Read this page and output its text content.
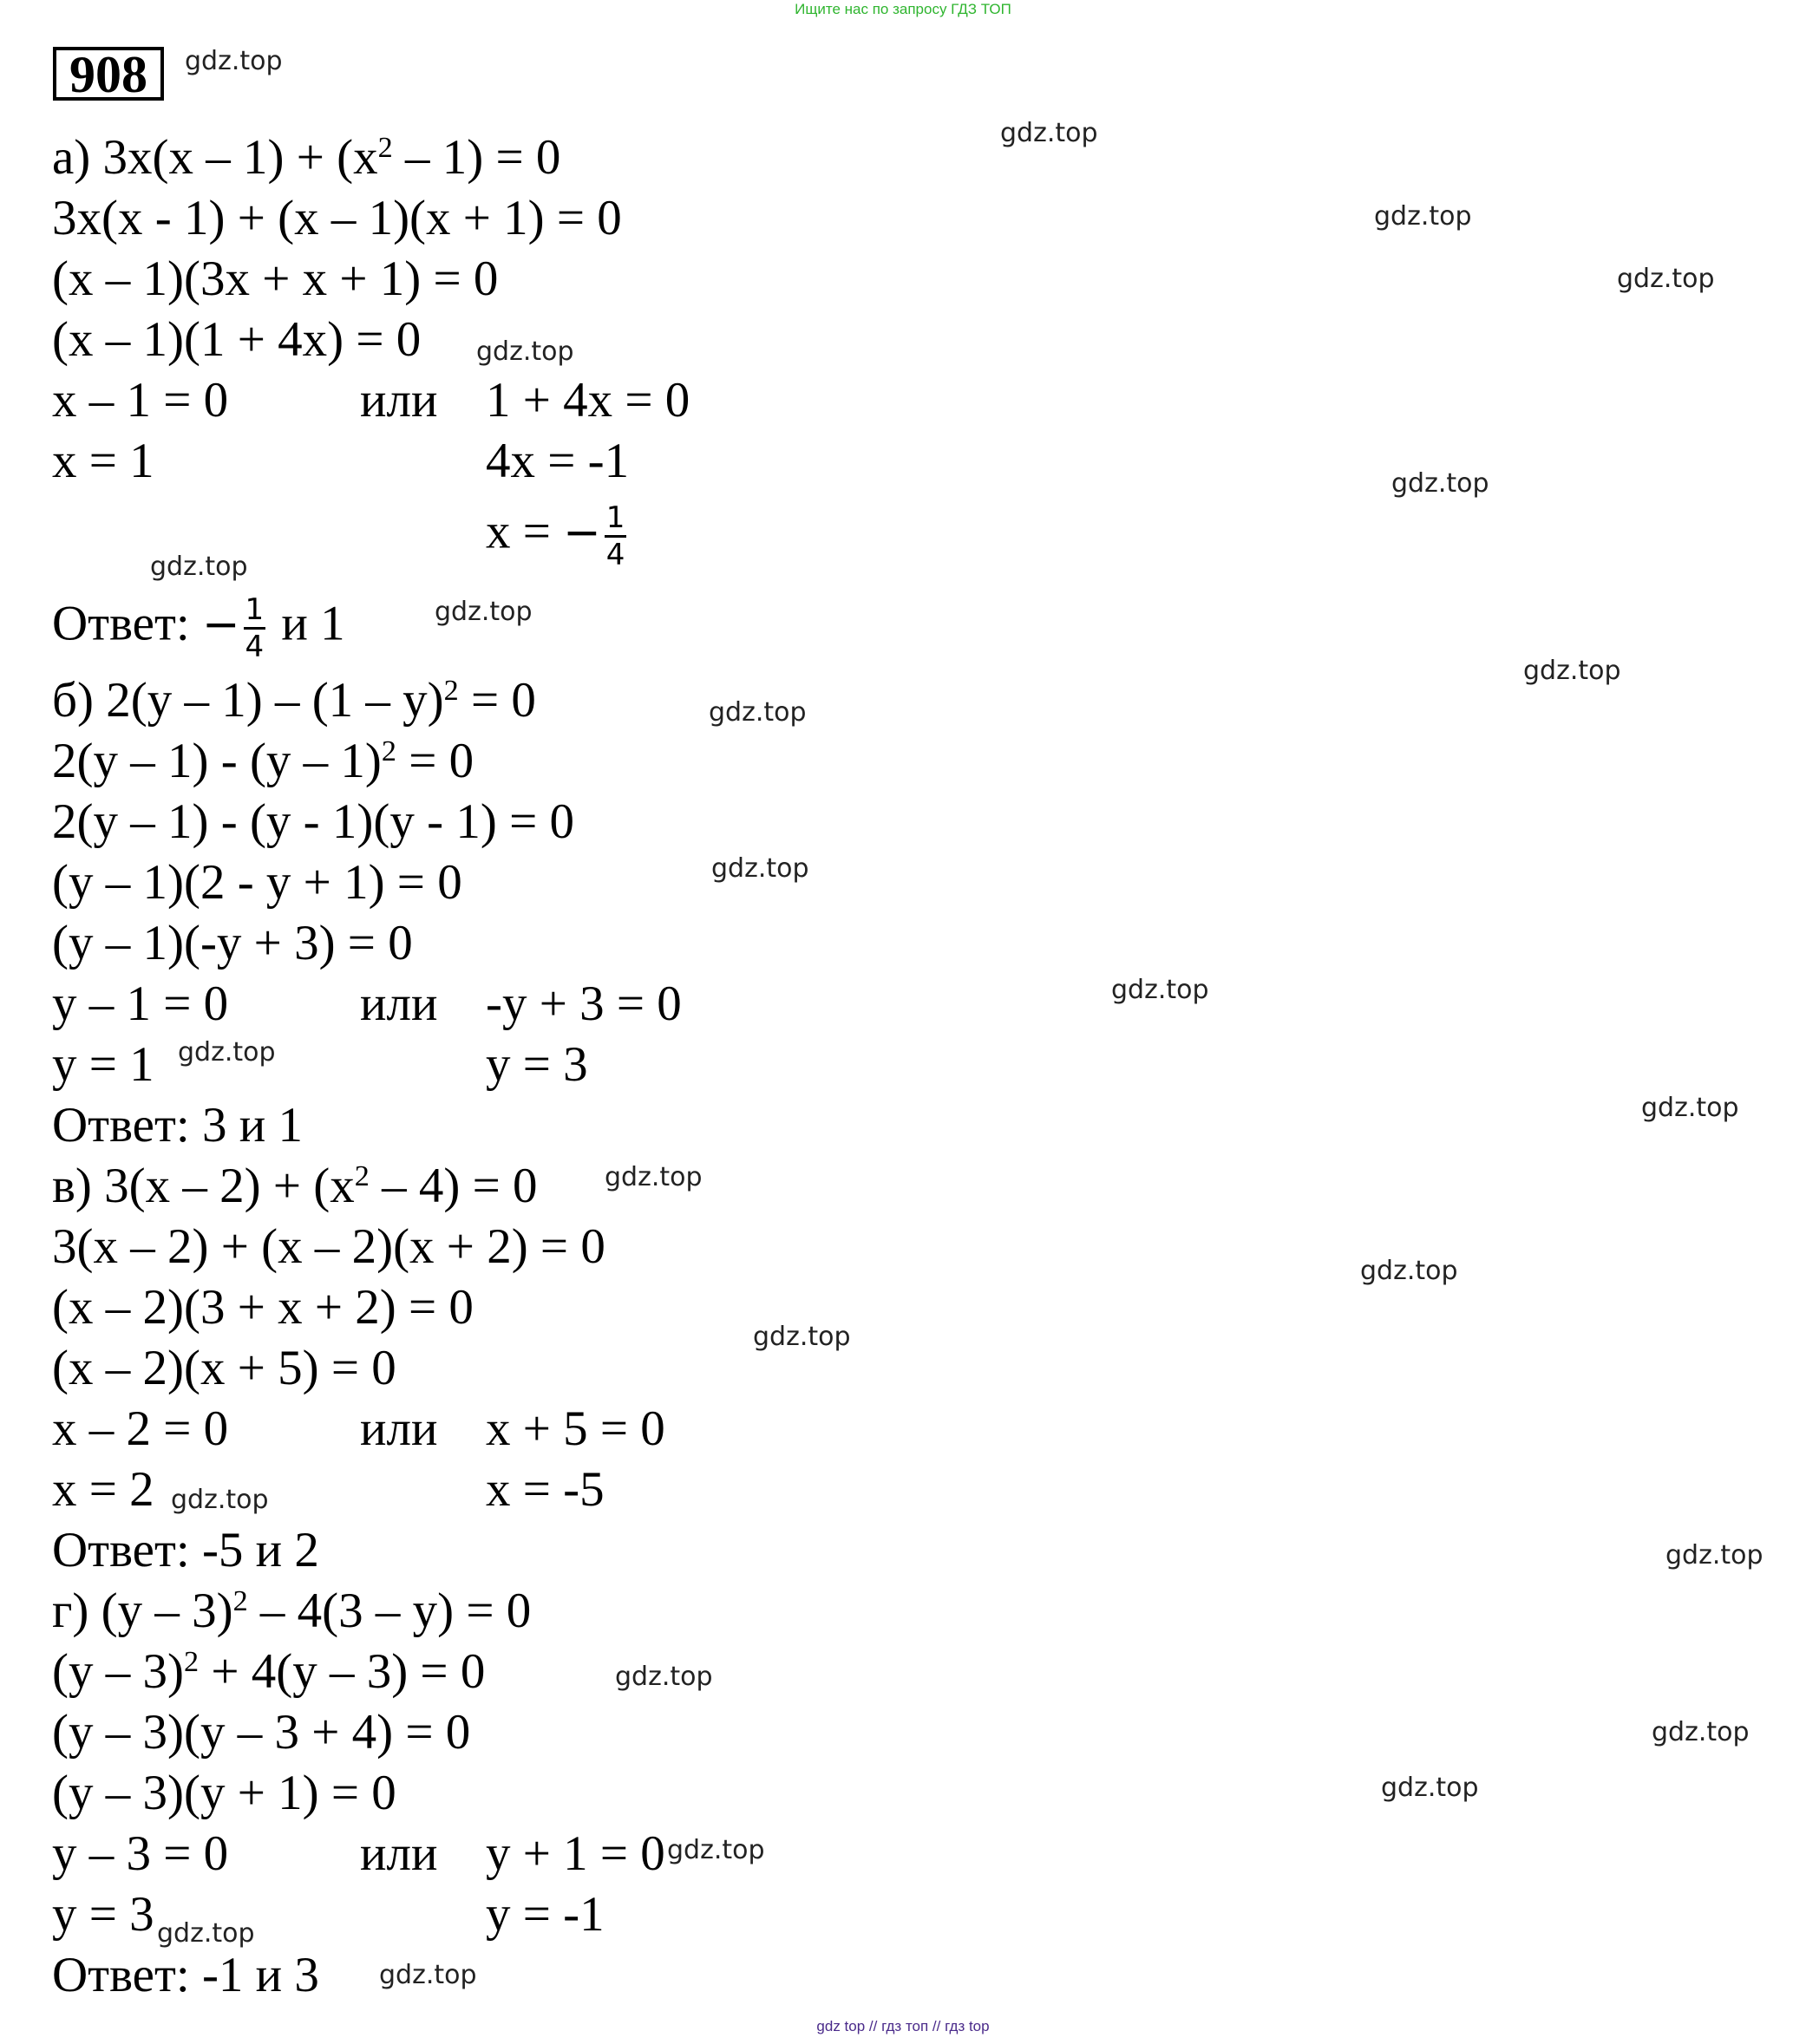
Ищите нас по запросу ГДЗ ТОП
908
а) $3x(x - 1) + (x^2 - 1) = 0$
3x(x - 1) + (x – 1)(x + 1) = 0
(x – 1)(3x + x + 1) = 0
(x – 1)(1 + 4x) = 0
x – 1 = 0	или 1 + 4x = 0
x = 1	4x = -1
x = − $\frac{1}{4}$
Ответ: − $\frac{1}{4}$ и 1
б) 2(y – 1) – (1 – y)$^2$ = 0
2(y – 1) - (y – 1)$^2$ = 0
2(y – 1) - (y - 1)(y - 1) = 0
(y – 1)(2 - y + 1) = 0
(y – 1)(-y + 3) = 0
y – 1 = 0	или -y + 3 = 0
y = 1	y = 3
Ответ: 3 и 1
в) $3(x - 2) + (x^2 - 4) = 0$
3(x – 2) + (x – 2)(x + 2) = 0
(x – 2)(3 + x + 2) = 0
(x – 2)(x + 5) = 0
x – 2 = 0	или x + 5 = 0
x = 2	x = -5
Ответ: -5 и 2
г) (y – 3)$^2$ – 4(3 – y) = 0
(y – 3)$^2$ + 4(y – 3) = 0
(y – 3)(y – 3 + 4) = 0
(y – 3)(y + 1) = 0
y – 3 = 0	или y + 1 = 0
y = 3	y = -1
Ответ: -1 и 3
gdz.top
gdz.top
gdz.top
gdz.top
gdz.top
gdz.top
gdz.top
gdz.top
gdz.top
gdz.top
gdz.top
gdz.top
gdz.top
gdz.top
gdz.top
gdz.top
gdz.top
gdz.top
gdz.top
gdz.top
gdz.top
gdz.top
gdz.top
gdz.top
gdz.top
gdz top // гдз топ // гдз top
